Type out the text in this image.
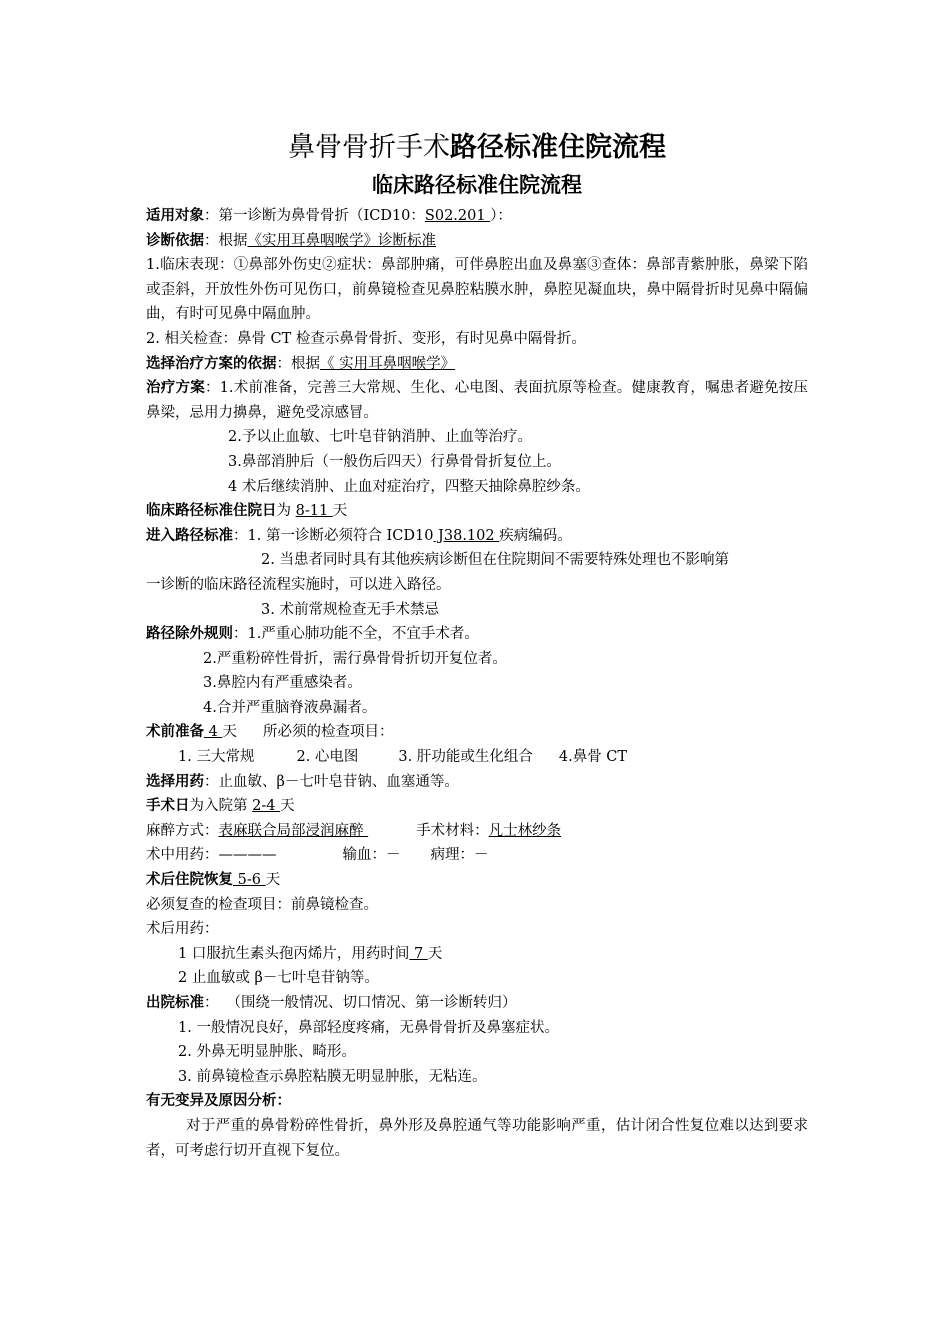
鼻骨骨折手术路径标准住院流程
临床路径标准住院流程

适用对象：第一诊断为鼻骨骨折（ICD10：S02.201 ）：

诊断依据：根据《实用耳鼻咽喉学》诊断标准

1.临床表现：①鼻部外伤史②症状：鼻部肿痛，可伴鼻腔出血及鼻塞③查体：鼻部青紫肿胀，鼻梁下陷或歪斜，开放性外伤可见伤口，前鼻镜检查见鼻腔粘膜水肿，鼻腔见凝血块，鼻中隔骨折时见鼻中隔偏曲，有时可见鼻中隔血肿。

2. 相关检查：鼻骨 CT 检查示鼻骨骨折、变形，有时见鼻中隔骨折。

选择治疗方案的依据：根据《 实用耳鼻咽喉学》

治疗方案：1.术前准备，完善三大常规、生化、心电图、表面抗原等检查。健康教育，嘱患者避免按压鼻梁，忌用力擤鼻，避免受凉感冒。

2.予以止血敏、七叶皂苷钠消肿、止血等治疗。

3.鼻部消肿后（一般伤后四天）行鼻骨骨折复位上。

4 术后继续消肿、止血对症治疗，四整天抽除鼻腔纱条。

临床路径标准住院日为 8-11 天

进入路径标准：1. 第一诊断必须符合 ICD10 J38.102 疾病编码。

2. 当患者同时具有其他疾病诊断但在住院期间不需要特殊处理也不影响第

一诊断的临床路径流程实施时，可以进入路径。

3. 术前常规检查无手术禁忌

路径除外规则：1.严重心肺功能不全，不宜手术者。

2.严重粉碎性骨折，需行鼻骨骨折切开复位者。

3.鼻腔内有严重感染者。

4.合并严重脑脊液鼻漏者。

术前准备 4 天 所必须的检查项目：

1. 三大常规	2. 心电图	3. 肝功能或生化组合 4.鼻骨 CT

选择用药：止血敏、β－七叶皂苷钠、血塞通等。

手术日为入院第 2-4 天

麻醉方式：表麻联合局部浸润麻醉	手术材料：凡士林纱条

术中用药：————	输血：－ 病理：－

术后住院恢复 5-6 天

必须复查的检查项目：前鼻镜检查。

术后用药：

1 口服抗生素头孢丙烯片，用药时间 7 天

2 止血敏或 β－七叶皂苷钠等。

出院标准： （围绕一般情况、切口情况、第一诊断转归）

1. 一般情况良好，鼻部轻度疼痛，无鼻骨骨折及鼻塞症状。

2. 外鼻无明显肿胀、畸形。

3. 前鼻镜检查示鼻腔粘膜无明显肿胀，无粘连。

有无变异及原因分析：

对于严重的鼻骨粉碎性骨折，鼻外形及鼻腔通气等功能影响严重，估计闭合性复位难以达到要求者，可考虑行切开直视下复位。
